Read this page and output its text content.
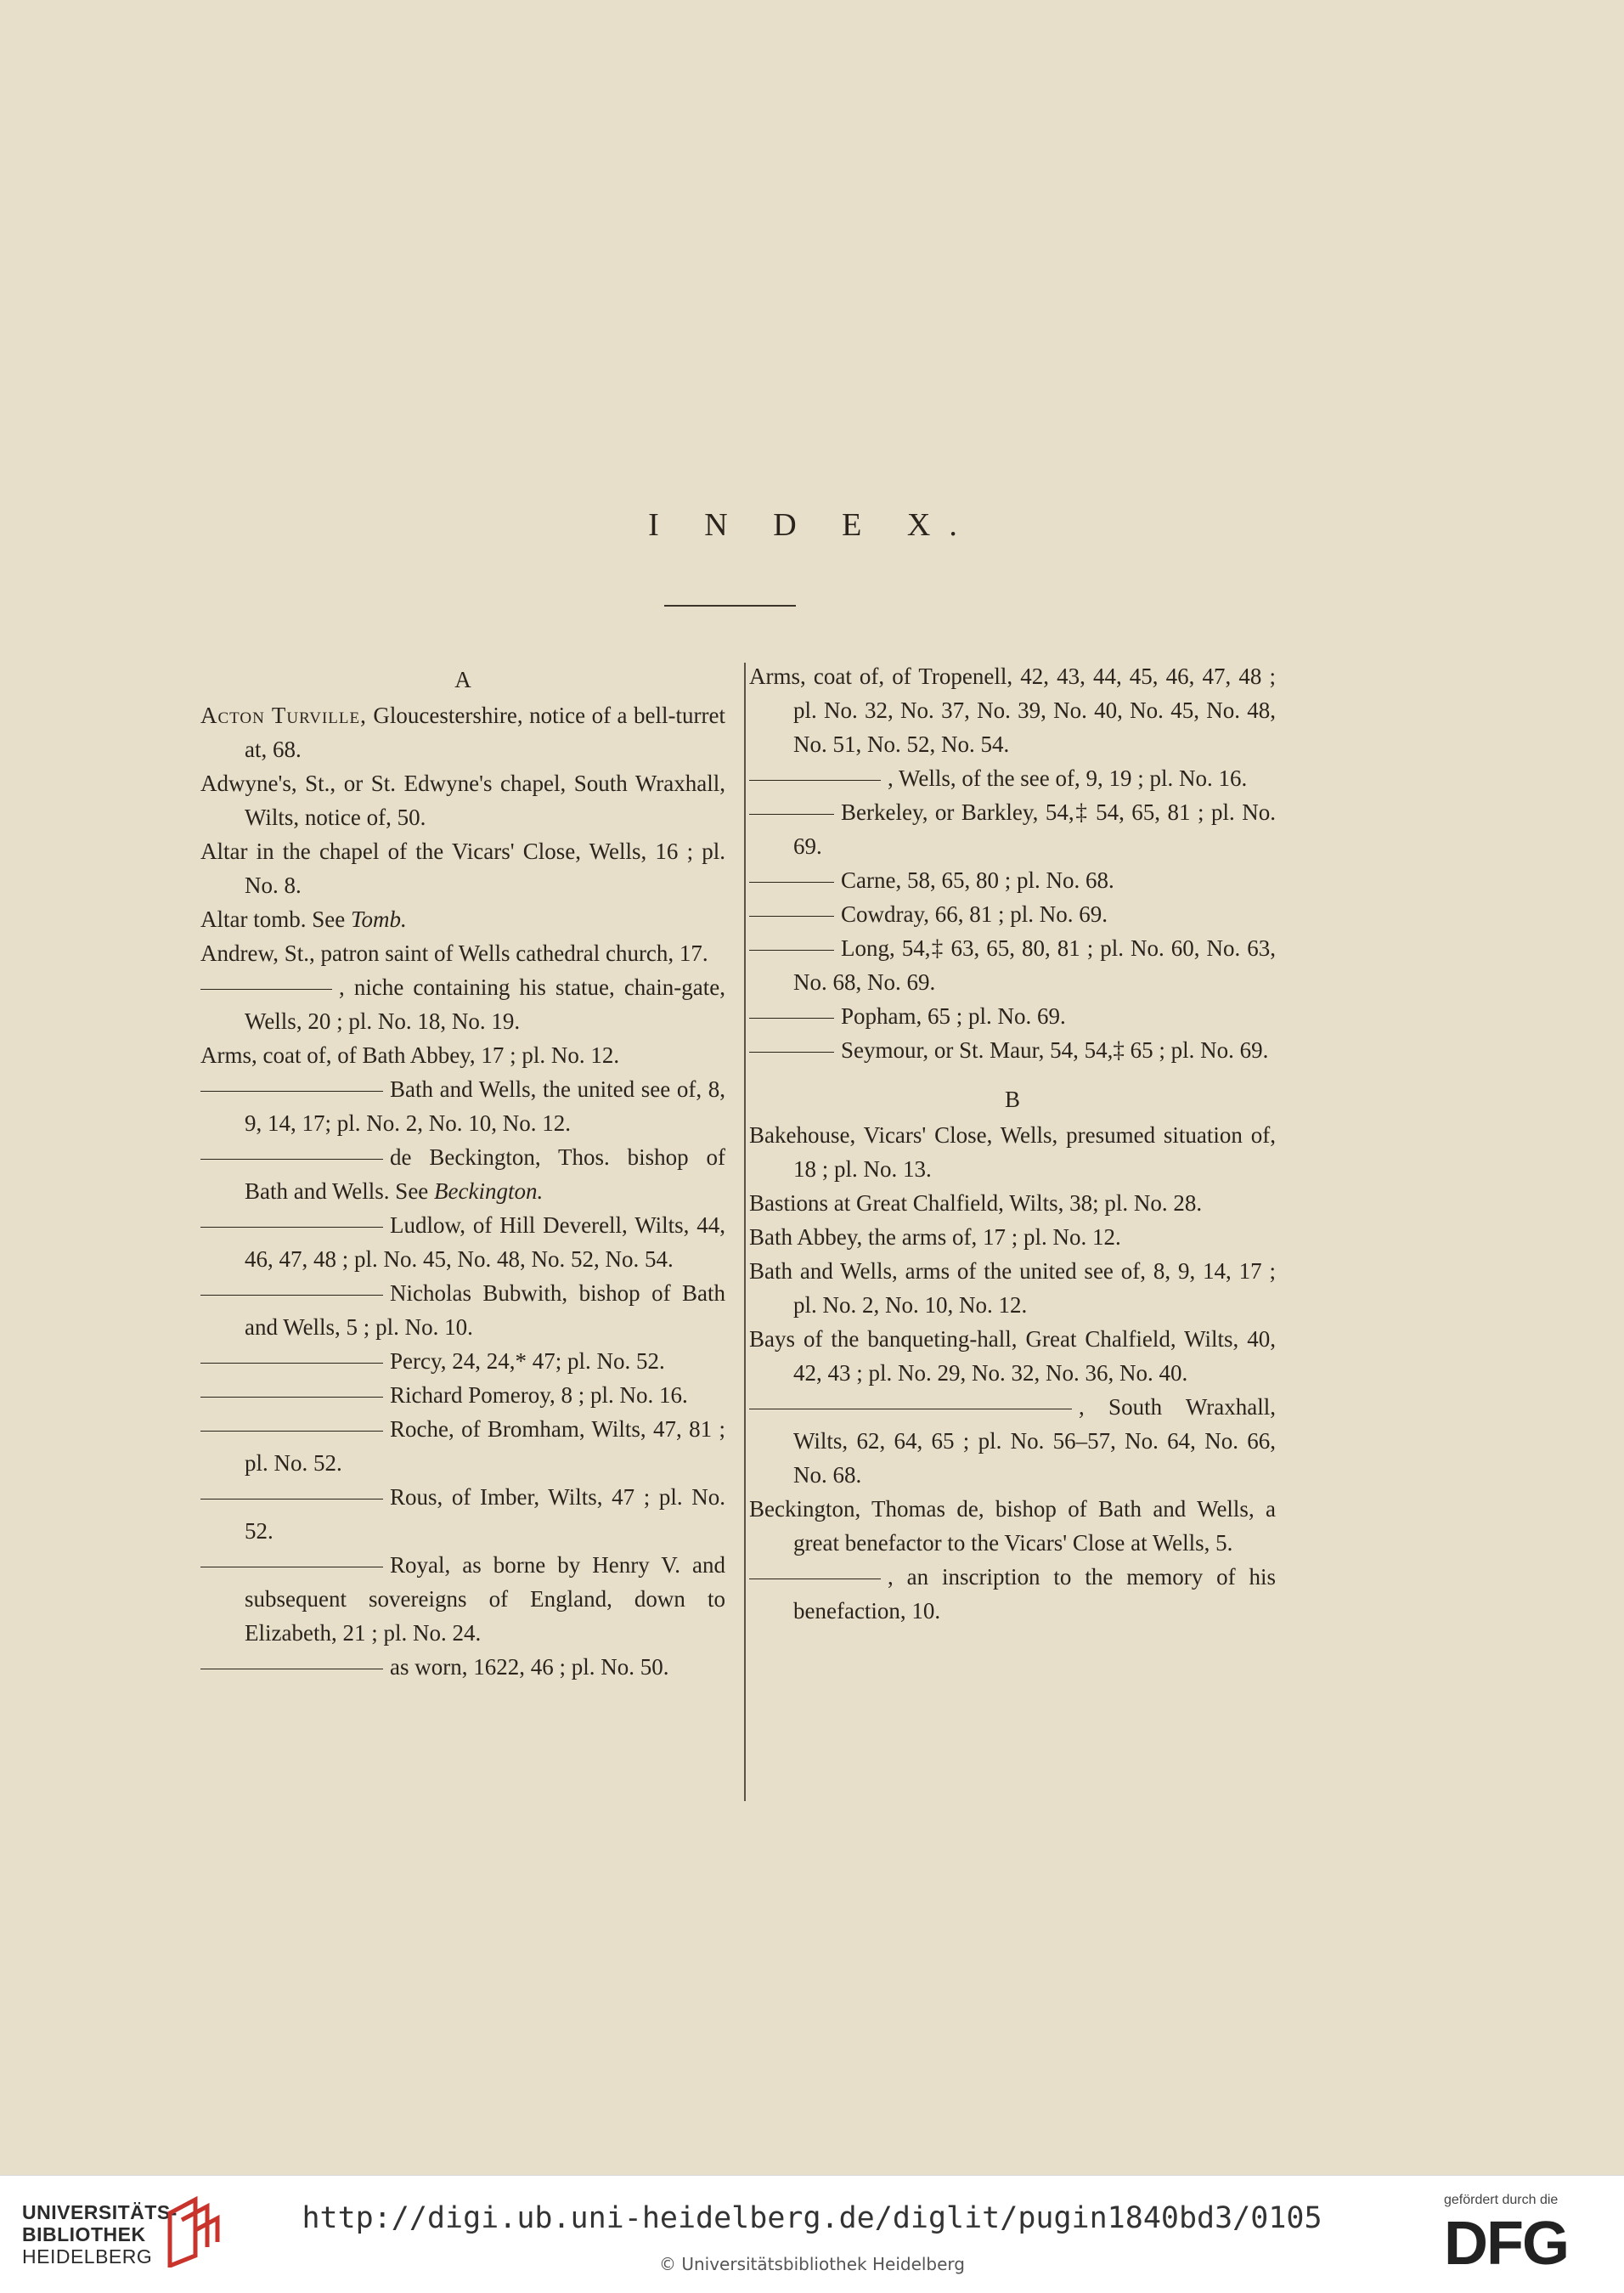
I N D E X.
A

Acton Turville, Gloucestershire, notice of a bell-turret at, 68.

Adwyne's, St., or St. Edwyne's chapel, South Wraxhall, Wilts, notice of, 50.

Altar in the chapel of the Vicars' Close, Wells, 16 ; pl. No. 8.

Altar tomb. See Tomb.

Andrew, St., patron saint of Wells cathedral church, 17.

, niche containing his statue, chain-gate, Wells, 20 ; pl. No. 18, No. 19.

Arms, coat of, of Bath Abbey, 17 ; pl. No. 12.

Bath and Wells, the united see of, 8, 9, 14, 17; pl. No. 2, No. 10, No. 12.

de Beckington, Thos. bishop of Bath and Wells. See Beckington.

Ludlow, of Hill Deverell, Wilts, 44, 46, 47, 48 ; pl. No. 45, No. 48, No. 52, No. 54.

Nicholas Bubwith, bishop of Bath and Wells, 5 ; pl. No. 10.

Percy, 24, 24,* 47; pl. No. 52.

Richard Pomeroy, 8 ; pl. No. 16.

Roche, of Bromham, Wilts, 47, 81 ; pl. No. 52.

Rous, of Imber, Wilts, 47 ; pl. No. 52.

Royal, as borne by Henry V. and subsequent sovereigns of England, down to Elizabeth, 21 ; pl. No. 24.

as worn, 1622, 46 ; pl. No. 50.

Arms, coat of, of Tropenell, 42, 43, 44, 45, 46, 47, 48 ; pl. No. 32, No. 37, No. 39, No. 40, No. 45, No. 48, No. 51, No. 52, No. 54.

, Wells, of the see of, 9, 19 ; pl. No. 16.

Berkeley, or Barkley, 54,‡ 54, 65, 81 ; pl. No. 69.

Carne, 58, 65, 80 ; pl. No. 68.

Cowdray, 66, 81 ; pl. No. 69.

Long, 54,‡ 63, 65, 80, 81 ; pl. No. 60, No. 63, No. 68, No. 69.

Popham, 65 ; pl. No. 69.

Seymour, or St. Maur, 54, 54,‡ 65 ; pl. No. 69.

B

Bakehouse, Vicars' Close, Wells, presumed situation of, 18 ; pl. No. 13.

Bastions at Great Chalfield, Wilts, 38; pl. No. 28.

Bath Abbey, the arms of, 17 ; pl. No. 12.

Bath and Wells, arms of the united see of, 8, 9, 14, 17 ; pl. No. 2, No. 10, No. 12.

Bays of the banqueting-hall, Great Chalfield, Wilts, 40, 42, 43 ; pl. No. 29, No. 32, No. 36, No. 40.

, South Wraxhall, Wilts, 62, 64, 65 ; pl. No. 56–57, No. 64, No. 66, No. 68.

Beckington, Thomas de, bishop of Bath and Wells, a great benefactor to the Vicars' Close at Wells, 5.

, an inscription to the memory of his benefaction, 10.

UNIVERSITÄTS-
BIBLIOTHEK
HEIDELBERG
http://digi.ub.uni-heidelberg.de/diglit/pugin1840bd3/0105
© Universitätsbibliothek Heidelberg
gefördert durch die
DFG
